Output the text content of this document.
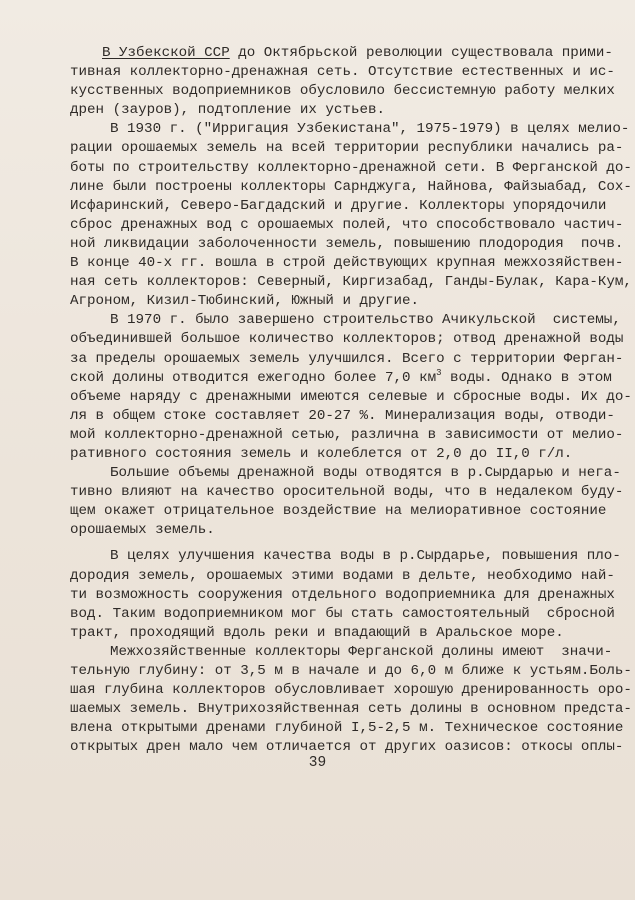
В Узбекской ССР до Октябрьской революции существовала прими-
тивная коллекторно-дренажная сеть. Отсутствие естественных и ис-
кусственных водоприемников обусловило бессистемную работу мелких
дрен (зауров), подтопление их устьев.
В 1930 г. ("Ирригация Узбекистана", 1975-1979) в целях мелио-
рации орошаемых земель на всей территории республики начались ра-
боты по строительству коллекторно-дренажной сети. В Ферганской до-
лине были построены коллекторы Сарнджуга, Найнова, Файзыабад, Сох-
Исфаринский, Северо-Багдадский и другие. Коллекторы упорядочили
сброс дренажных вод с орошаемых полей, что способствовало частич-
ной ликвидации заболоченности земель, повышению плодородия  почв.
В конце 40-х гг. вошла в строй действующих крупная межхозяйствен-
ная сеть коллекторов: Северный, Киргизабад, Ганды-Булак, Кара-Кум,
Агроном, Кизил-Тюбинский, Южный и другие.
В 1970 г. было завершено строительство Ачикульской  системы,
объединившей большое количество коллекторов; отвод дренажной воды
за пределы орошаемых земель улучшился. Всего с территории Ферган-
ской долины отводится ежегодно более 7,0 $км^3$ воды. Однако в этом
объеме наряду с дренажными имеются селевые и сбросные воды. Их до-
ля в общем стоке составляет 20-27 %. Минерализация воды, отводи-
мой коллекторно-дренажной сетью, различна в зависимости от мелио-
ративного состояния земель и колеблется от 2,0 до II,0 г/л.
Большие объемы дренажной воды отводятся в р.Сырдарью и нега-
тивно влияют на качество оросительной воды, что в недалеком буду-
щем окажет отрицательное воздействие на мелиоративное состояние
орошаемых земель.
В целях улучшения качества воды в р.Сырдарье, повышения пло-
дородия земель, орошаемых этими водами в дельте, необходимо най-
ти возможность сооружения отдельного водоприемника для дренажных
вод. Таким водоприемником мог бы стать самостоятельный  сбросной
тракт, проходящий вдоль реки и впадающий в Аральское море.
Межхозяйственные коллекторы Ферганской долины имеют  значи-
тельную глубину: от 3,5 м в начале и до 6,0 м ближе к устьям.Боль-
шая глубина коллекторов обусловливает хорошую дренированность оро-
шаемых земель. Внутрихозяйственная сеть долины в основном предста-
влена открытыми дренами глубиной I,5-2,5 м. Техническое состояние
открытых дрен мало чем отличается от других оазисов: откосы оплы-
39
